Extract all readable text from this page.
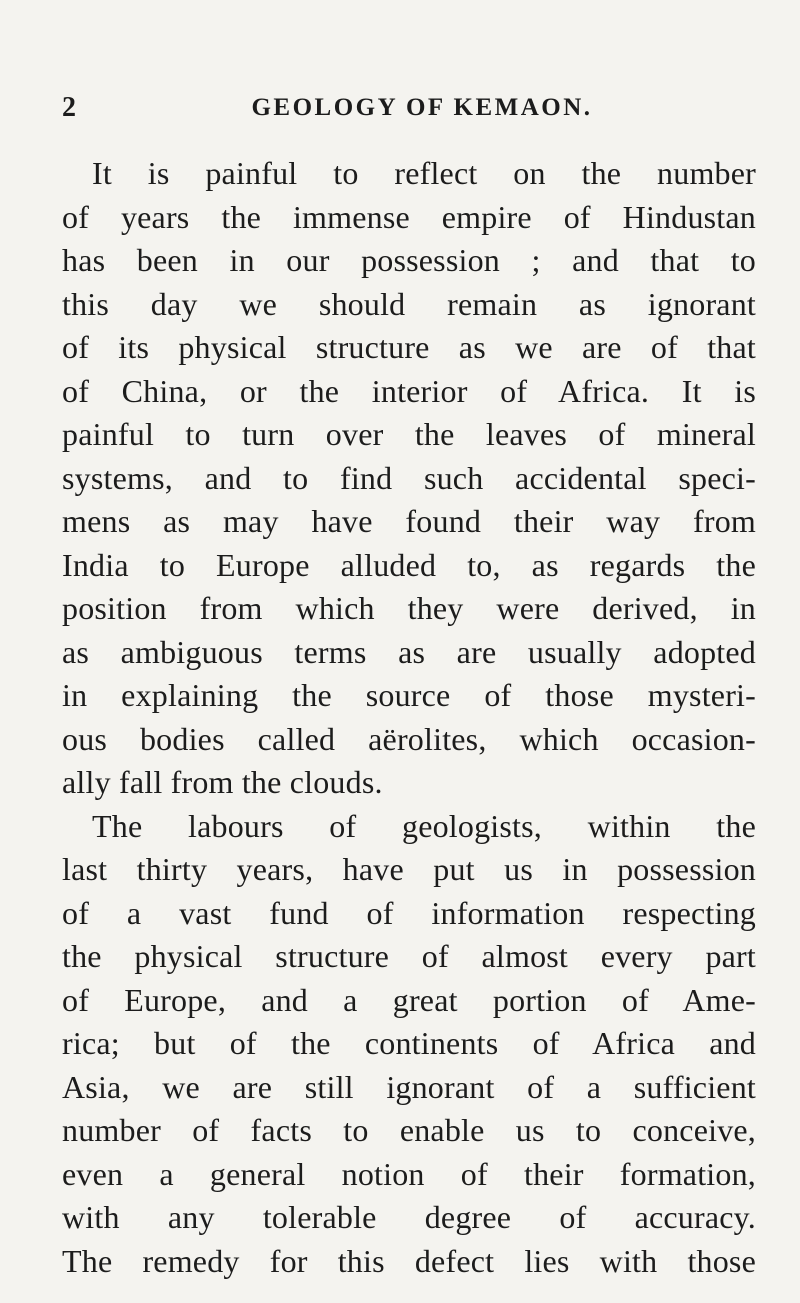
2	GEOLOGY OF KEMAON.
It is painful to reflect on the number
of years the immense empire of Hindustan
has been in our possession ; and that to
this day we should remain as ignorant
of its physical structure as we are of that
of China, or the interior of Africa. It is
painful to turn over the leaves of mineral
systems, and to find such accidental speci-
mens as may have found their way from
India to Europe alluded to, as regards the
position from which they were derived, in
as ambiguous terms as are usually adopted
in explaining the source of those mysteri-
ous bodies called aërolites, which occasion-
ally fall from the clouds.
The labours of geologists, within the
last thirty years, have put us in possession
of a vast fund of information respecting
the physical structure of almost every part
of Europe, and a great portion of Ame-
rica; but of the continents of Africa and
Asia, we are still ignorant of a sufficient
number of facts to enable us to conceive,
even a general notion of their formation,
with any tolerable degree of accuracy.
The remedy for this defect lies with those
